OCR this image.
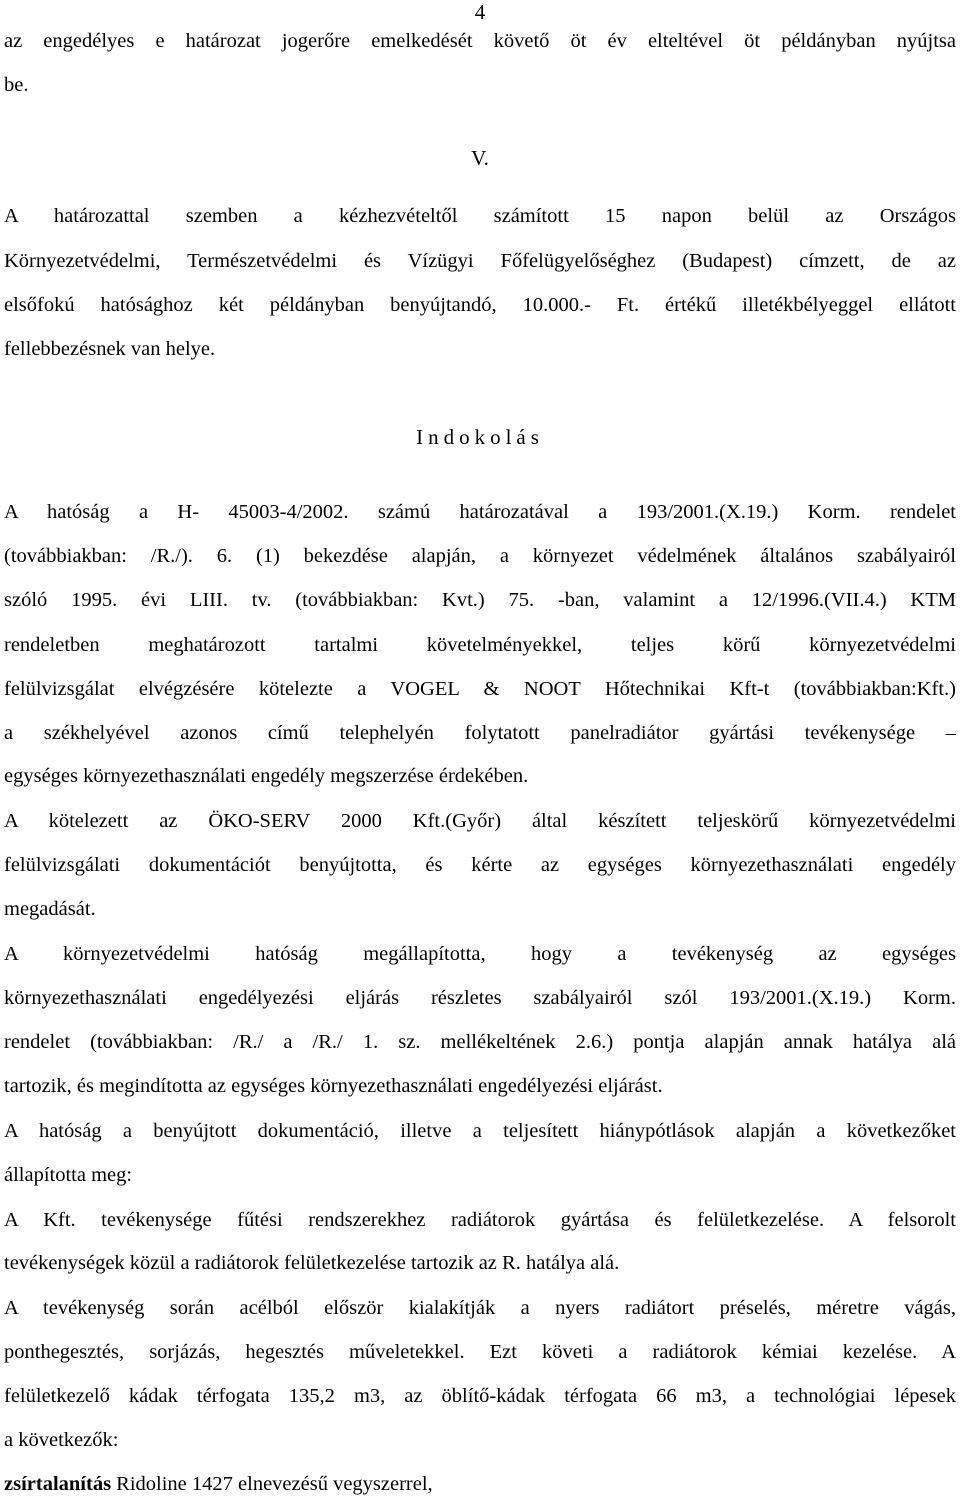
4
az engedélyes e határozat jogerőre emelkedését követő öt év elteltével öt példányban nyújtsa
be.
V.
A határozattal szemben a kézhezvételtől számított 15 napon belül az Országos
Környezetvédelmi, Természetvédelmi és Vízügyi Főfelügyelőséghez (Budapest) címzett, de az
elsőfokú hatósághoz két példányban benyújtandó, 10.000.- Ft. értékű illetékbélyeggel ellátott
fellebbezésnek van helye.
Indokolás
A hatóság a H- 45003-4/2002. számú határozatával a 193/2001.(X.19.) Korm. rendelet
(továbbiakban: /R./). 6. (1) bekezdése alapján, a környezet védelmének általános szabályairól
szóló 1995. évi LIII. tv. (továbbiakban: Kvt.) 75. -ban, valamint a 12/1996.(VII.4.) KTM
rendeletben meghatározott tartalmi követelményekkel, teljes körű környezetvédelmi
felülvizsgálat elvégzésére kötelezte a VOGEL & NOOT Hőtechnikai Kft-t (továbbiakban:Kft.)
a székhelyével azonos című telephelyén folytatott panelradiátor gyártási tevékenysége –
egységes környezethasználati engedély megszerzése érdekében.
A kötelezett az ÖKO-SERV 2000 Kft.(Győr) által készített teljeskörű környezetvédelmi
felülvizsgálati dokumentációt benyújtotta, és kérte az egységes környezethasználati engedély
megadását.
A környezetvédelmi hatóság megállapította, hogy a tevékenység az egységes
környezethasználati engedélyezési eljárás részletes szabályairól szól 193/2001.(X.19.) Korm.
rendelet (továbbiakban: /R./ a /R./ 1. sz. mellékeltének 2.6.) pontja alapján annak hatálya alá
tartozik, és megindította az egységes környezethasználati engedélyezési eljárást.
A hatóság a benyújtott dokumentáció, illetve a teljesített hiánypótlások alapján a következőket
állapította meg:
A Kft. tevékenysége fűtési rendszerekhez radiátorok gyártása és felületkezelése. A felsorolt
tevékenységek közül a radiátorok felületkezelése tartozik az R. hatálya alá.
A tevékenység során acélból először kialakítják a nyers radiátort préselés, méretre vágás,
ponthegesztés, sorjázás, hegesztés műveletekkel. Ezt követi a radiátorok kémiai kezelése. A
felületkezelő kádak térfogata 135,2 m3, az öblítő-kádak térfogata 66 m3, a technológiai lépesek
a következők:
zsírtalanítás Ridoline 1427 elnevezésű vegyszerrel,
